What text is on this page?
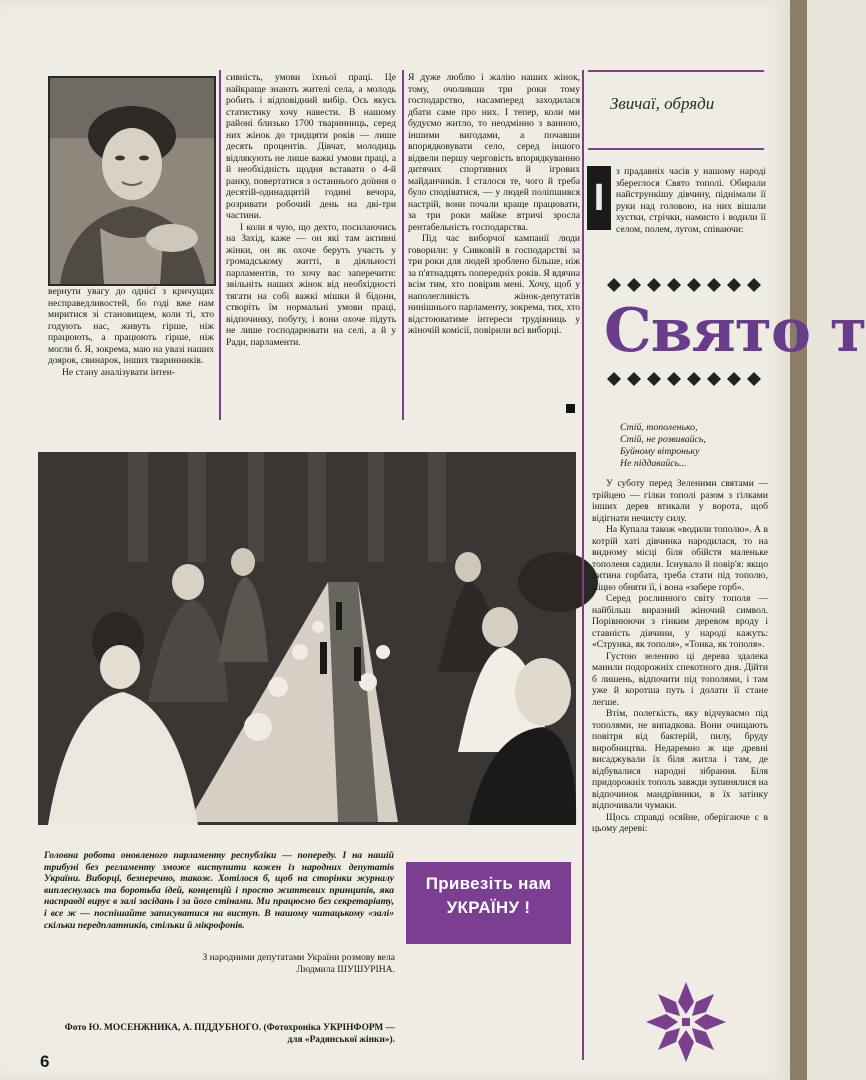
вернути увагу до однієї з кричущих несправедливостей, бо годі вже нам миритися зі становищем, коли ті, хто годують нас, живуть гірше, ніж працюють, а працюють гірше, ніж могли б. Я, зокрема, маю на увазі наших доярок, свинарок, інших тваринників.

Не стану аналізувати інтен-

сивність, умови їхньої праці. Це найкраще знають жителі села, а молодь робить і відповідний вибір. Ось якусь статистику хочу навести. В нашому районі близько 1700 тваринниць, серед них жінок до тридцяти років — лише десять процентів. Дівчат, молодиць відлякують не лише важкі умови праці, а й необхідність щодня вставати о 4-й ранку, повертатися з останнього доїння о десятій-одинадцятій годині вечора, розривати робочий день на дві-три частини.

І коли я чую, що дехто, посилаючись на Захід, каже — он які там активні жінки, он як охоче беруть участь у громадському житті, в діяльності парламентів, то хочу вас заперечити: звільніть наших жінок від необхідності тягати на собі важкі мішки й бідони, створіть їм нормальні умови праці, відпочинку, побуту, і вони охоче підуть не лише господарювати на селі, а й у Ради, парламенти.

Я дуже люблю і жалію наших жінок, тому, очоливши три роки тому господарство, насамперед заходилася дбати саме про них. І тепер, коли ми будуємо житло, то неодмінно з ванною, іншими вигодами, а почавши впорядковувати село, серед іншого відвели першу черговість впорядкуванню дитячих спортивних й ігрових майданчиків. І сталося те, чого й треба було сподіватися, — у людей поліпшився настрій, вони почали краще працювати, за три роки майже втричі зросла рентабельність господарства.

Під час виборчої кампанії люди говорили: у Сивковій в господарстві за три роки для людей зроблено більше, ніж за п'ятнадцять попередніх років. Я вдячна всім тим, хто повірив мені. Хочу, щоб у наполегливість жінок-депутатів нинішнього парламенту, зокрема, тих, хто відстоюватиме інтереси трудівниць у жіночій комісії, повірили всі виборці.

Головна робота оновленого парламенту республіки — попереду. І на нашій трибуні без регламенту зможе виступити кожен із народних депутатів України. Виборці, безперечно, також. Хотілося б, щоб на сторінки журналу виплеснулась та боротьба ідей, концепцій і просто життєвих принципів, яка насправді вирує в залі засідань і за його стінами. Ми працюємо без секретаріату, і все ж — поспішайте записуватися на виступ. В нашому читацькому «залі» скільки передплатників, стільки й мікрофонів.
З народними депутатами України розмову вела Людмила ШУШУРІНА.
Фото Ю. МОСЕНЖНИКА, А. ПІДДУБНОГО. (Фотохроніка УКРІНФОРМ — для «Радянської жінки»).
Привезіть нам
УКРАЇНУ !
6
Звичаї, обряди
І

з прадавніх часів у нашому народі збереглося Свято тополі. Обирали найстрункішу дівчину, піднімали її руки над головою, на них вішали хустки, стрічки, намисто і водили її селом, полем, лугом, співаючи:

Свято т
Стій, тополенько,
Стій, не розвивайсь,
Буйному вітроньку
Не піддавайсь...

У суботу перед Зеленими святами — трійцею — гілки тополі разом з гілками інших дерев втикали у ворота, щоб відігнати нечисту силу.

На Купала також «водили тополю». А в котрій хаті дівчинка народилася, то на видному місці біля обійстя маленьке тополеня садили. Існувало й повір'я: якщо дитина горбата, треба стати під тополю, міцно обняти її, і вона «забере горб».

Серед рослинного світу тополя — найбільш виразний жіночий символ. Порівнюючи з гінким деревом вроду і ставність дівчини, у народі кажуть: «Струнка, як тополя», «Тонка, як тополя».

Густою зеленню ці дерева здалека манили подорожніх спекотного дня. Дійти б лишень, відпочити під тополями, і там уже й коротша путь і долати її стане легше.

Втім, полегкість, яку відчуваємо під тополями, не випадкова. Вони очищають повітря від бактерій, пилу, бруду виробництва. Недаремно ж ще древні висаджували їх біля житла і там, де відбувалися народні зібрання. Біля придорожніх тополь завжди зупинялися на відпочинок мандрівники, в їх затінку відпочивали чумаки.

Щось справді осяйне, оберігаюче є в цьому дереві:
